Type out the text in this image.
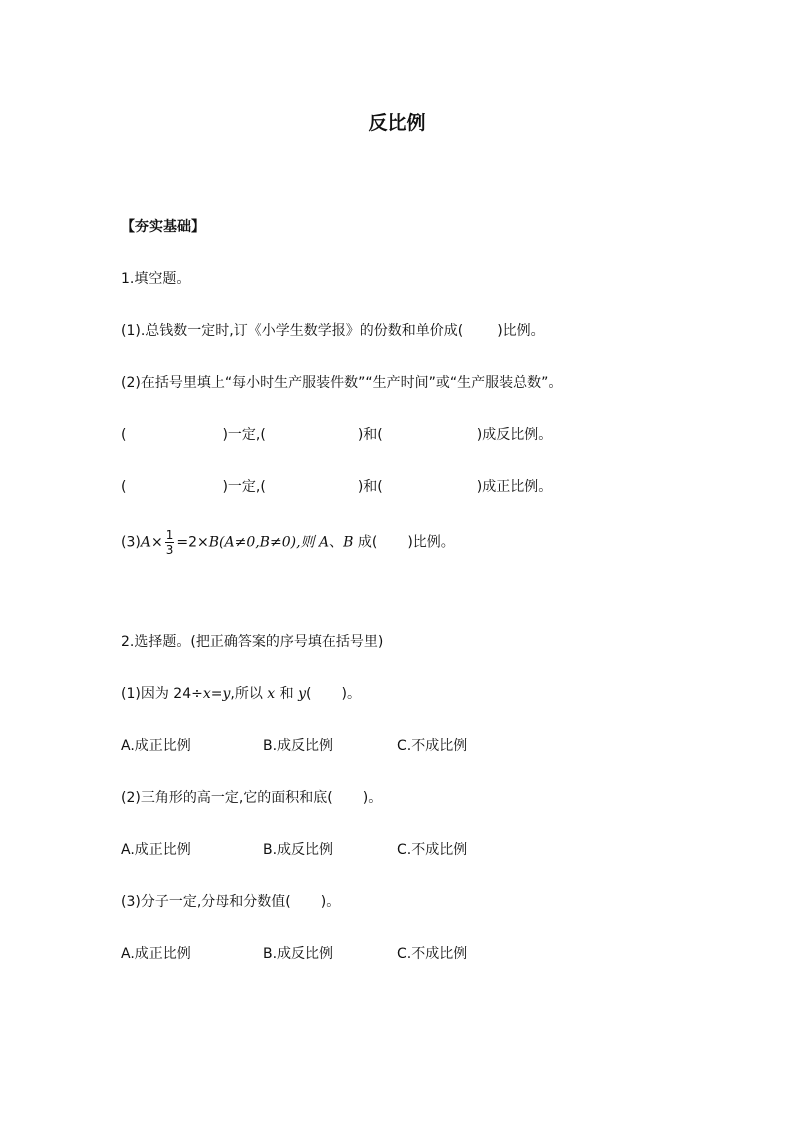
反比例
【夯实基础】
1.填空题。
(1).总钱数一定时,订《小学生数学报》的份数和单价成( )比例。
(2)在括号里填上“每小时生产服装件数”“生产时间”或“生产服装总数”。
(	)一定,(	)和(	)成反比例。
(	)一定,(	)和(	)成正比例。
$(3)A\times \frac{1}{3} =2\times B(A\ne 0,B\ne 0)$,则 A、B 成( )比例。
2.选择题。(把正确答案的序号填在括号里)
(1)因为 24÷x=y,所以 x 和 y( )。
A.成正比例	B.成反比例	C.不成比例
(2)三角形的高一定,它的面积和底( )。
A.成正比例	B.成反比例	C.不成比例
(3)分子一定,分母和分数值( )。
A.成正比例	B.成反比例	C.不成比例
